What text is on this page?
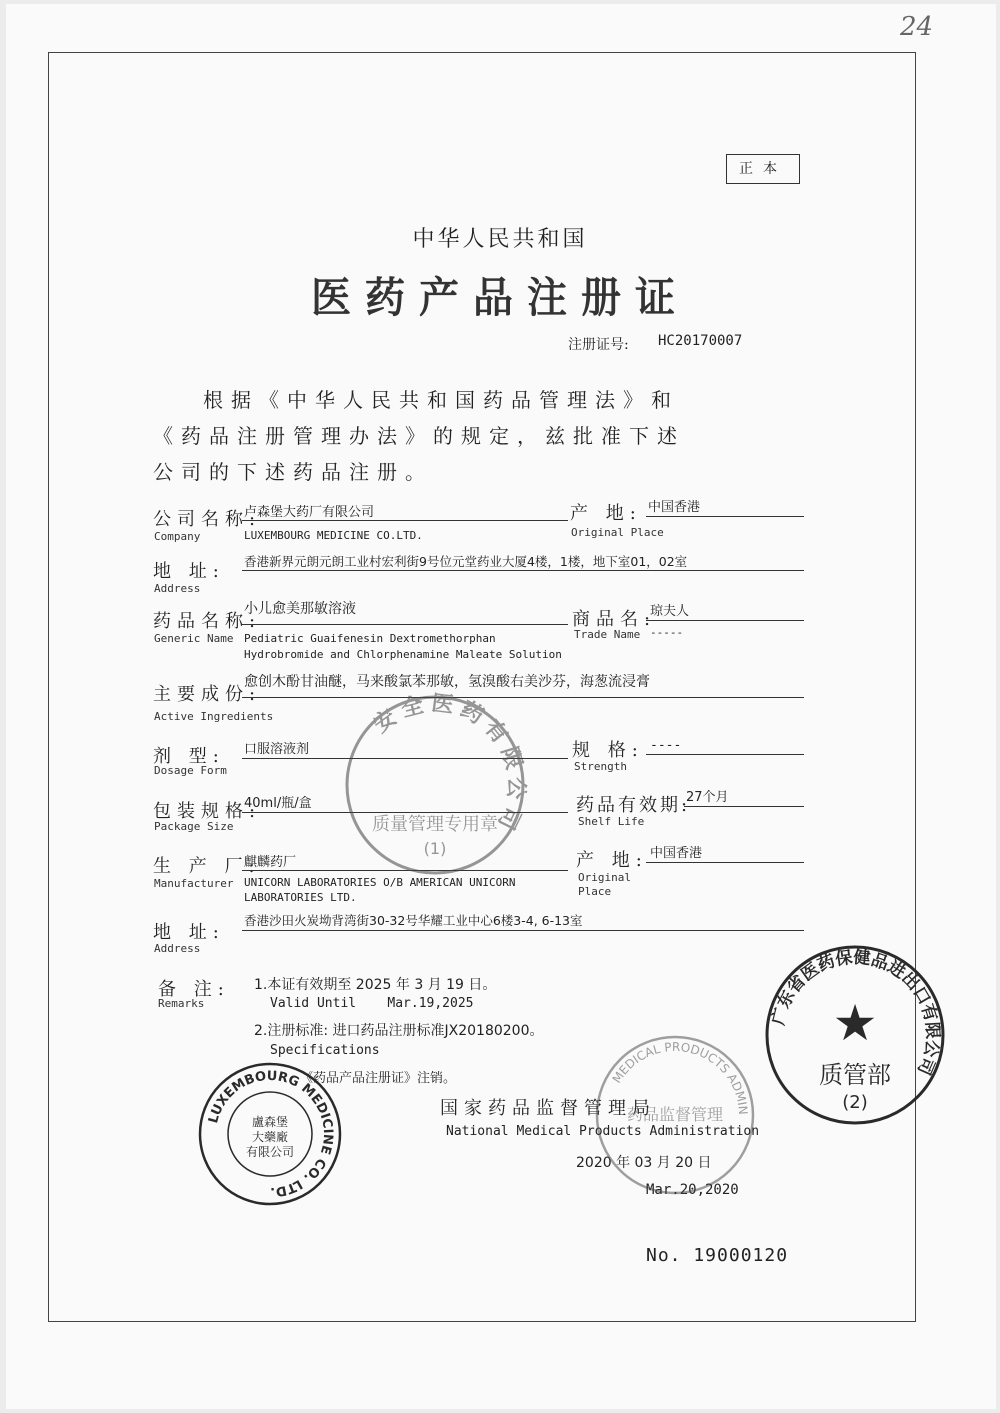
24
正本
中华人民共和国
医药产品注册证
注册证号: HC20170007
根据《中华人民共和国药品管理法》和
《药品注册管理办法》的规定，兹批准下述
公司的下述药品注册。
公司名称:
Company
卢森堡大药厂有限公司
LUXEMBOURG MEDICINE CO.LTD.
产 地:
Original Place
中国香港
地 址:
Address
香港新界元朗元朗工业村宏利街9号位元堂药业大厦4楼，1楼，地下室01，02室
药品名称:
Generic Name
小儿愈美那敏溶液
Pediatric Guaifenesin Dextromethorphan
Hydrobromide and Chlorphenamine Maleate Solution
商品名:
Trade Name
琼夫人
-----
主要成份:
Active Ingredients
愈创木酚甘油醚，马来酸氯苯那敏，氢溴酸右美沙芬，海葱流浸膏
剂 型:
Dosage Form
口服溶液剂	规 格:
Strength
----
包装规格:
Package Size
40ml/瓶/盒	药品有效期:
Shelf Life
27个月
生 产 厂:
Manufacturer
麒麟药厂
UNICORN LABORATORIES O/B AMERICAN UNICORN
LABORATORIES LTD.
产 地:
Original
Place
中国香港
地 址:
Address
香港沙田火炭坳背湾街30-32号华耀工业中心6楼3-4, 6-13室
备 注:
Remarks
1.本证有效期至 2025 年 3 月 19 日。
Valid Until    Mar.19,2025
2.注册标准: 进口药品注册标准JX20180200。
Specifications
《药品产品注册证》注销。
国家药品监督管理局
National Medical Products Administration
2020 年 03 月 20 日
Mar.20,2020
No. 19000120
LUXEMBOURG MEDICINE CO. LTD.
盧森堡
大藥廠
有限公司
安全医药有限公司
质量管理专用章
(1)
广东省医药保健品进出口有限公司
★
质管部
(2)
MEDICAL PRODUCTS ADMIN
药品监督管理
